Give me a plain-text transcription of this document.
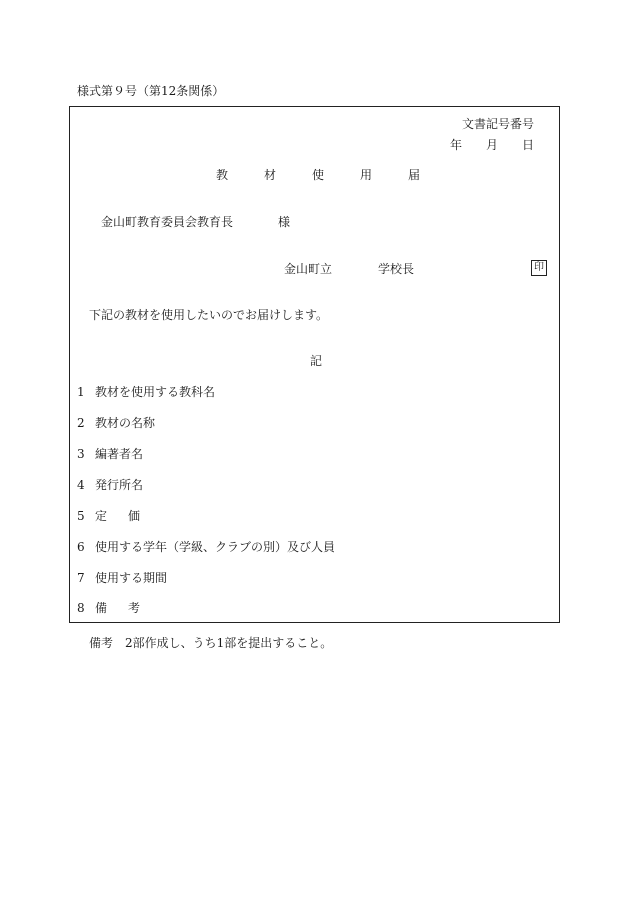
様式第９号（第12条関係）
文書記号番号
年 月 日
教	材	使	用	届
金山町教育委員会教育長	様
金山町立	学校長	印
下記の教材を使用したいのでお届けします。
記
1 教材を使用する教科名
2 教材の名称
3 編著者名
4 発行所名
5 定 価
6 使用する学年（学級、クラブの別）及び人員
7 使用する期間
8 備 考
備考　2部作成し、うち1部を提出すること。
